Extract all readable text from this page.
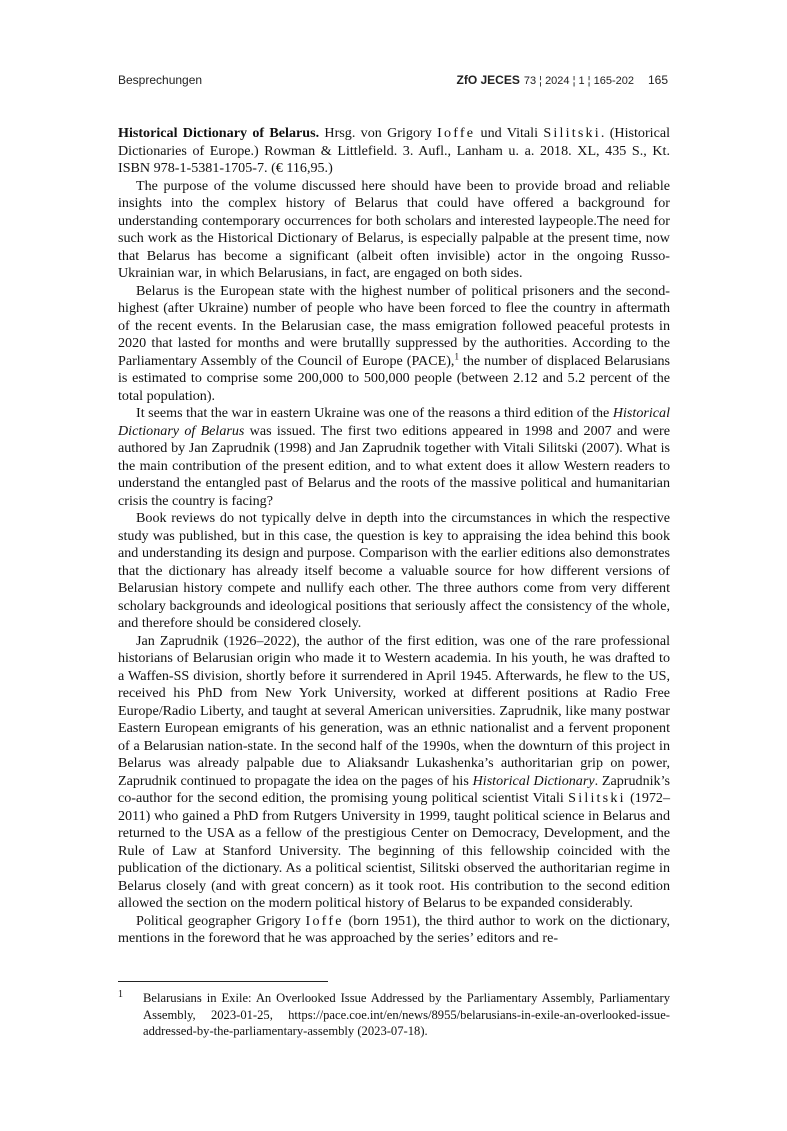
Besprechungen	ZfO JECES 73 ¦ 2024 ¦ 1 ¦ 165-202 165

Historical Dictionary of Belarus. Hrsg. von Grigory Ioffe und Vitali Silitski. (Historical Dictionaries of Europe.) Rowman & Littlefield. 3. Aufl., Lanham u. a. 2018. XL, 435 S., Kt. ISBN 978-1-5381-1705-7. (€ 116,95.)

The purpose of the volume discussed here should have been to provide broad and reliable insights into the complex history of Belarus that could have offered a background for understanding contemporary occurrences for both scholars and interested laypeople.The need for such work as the Historical Dictionary of Belarus, is especially palpable at the present time, now that Belarus has become a significant (albeit often invisible) actor in the ongoing Russo-Ukrainian war, in which Belarusians, in fact, are engaged on both sides.

Belarus is the European state with the highest number of political prisoners and the second-highest (after Ukraine) number of people who have been forced to flee the country in aftermath of the recent events. In the Belarusian case, the mass emigration followed peaceful protests in 2020 that lasted for months and were brutallly suppressed by the authorities. According to the Parliamentary Assembly of the Council of Europe (PACE),$^1$ the number of displaced Belarusians is estimated to comprise some 200,000 to 500,000 people (between 2.12 and 5.2 percent of the total population).

It seems that the war in eastern Ukraine was one of the reasons a third edition of the Historical Dictionary of Belarus was issued. The first two editions appeared in 1998 and 2007 and were authored by Jan Zaprudnik (1998) and Jan Zaprudnik together with Vitali Silitski (2007). What is the main contribution of the present edition, and to what extent does it allow Western readers to understand the entangled past of Belarus and the roots of the massive political and humanitarian crisis the country is facing?

Book reviews do not typically delve in depth into the circumstances in which the respective study was published, but in this case, the question is key to appraising the idea behind this book and understanding its design and purpose. Comparison with the earlier editions also demonstrates that the dictionary has already itself become a valuable source for how different versions of Belarusian history compete and nullify each other. The three authors come from very different scholary backgrounds and ideological positions that seriously affect the consistency of the whole, and therefore should be considered closely.

Jan Zaprudnik (1926–2022), the author of the first edition, was one of the rare professional historians of Belarusian origin who made it to Western academia. In his youth, he was drafted to a Waffen-SS division, shortly before it surrendered in April 1945. Afterwards, he flew to the US, received his PhD from New York University, worked at different positions at Radio Free Europe/Radio Liberty, and taught at several American universities. Zaprudnik, like many postwar Eastern European emigrants of his generation, was an ethnic nationalist and a fervent proponent of a Belarusian nation-state. In the second half of the 1990s, when the downturn of this project in Belarus was already palpable due to Aliaksandr Lukashenka’s authoritarian grip on power, Zaprudnik continued to propagate the idea on the pages of his Historical Dictionary. Zaprudnik’s co-author for the second edition, the promising young political scientist Vitali Silitski (1972–2011) who gained a PhD from Rutgers University in 1999, taught political science in Belarus and returned to the USA as a fellow of the prestigious Center on Democracy, Development, and the Rule of Law at Stanford University. The beginning of this fellowship coincided with the publication of the dictionary. As a political scientist, Silitski observed the authoritarian regime in Belarus closely (and with great concern) as it took root. His contribution to the second edition allowed the section on the modern political history of Belarus to be expanded considerably.

Political geographer Grigory Ioffe (born 1951), the third author to work on the dictionary, mentions in the foreword that he was approached by the series’ editors and re-

1 Belarusians in Exile: An Overlooked Issue Addressed by the Parliamentary Assembly, Parliamentary Assembly, 2023-01-25, https://pace.coe.int/en/news/8955/belarusians-in-exile-an-overlooked-issue-addressed-by-the-parliamentary-assembly (2023-07-18).
